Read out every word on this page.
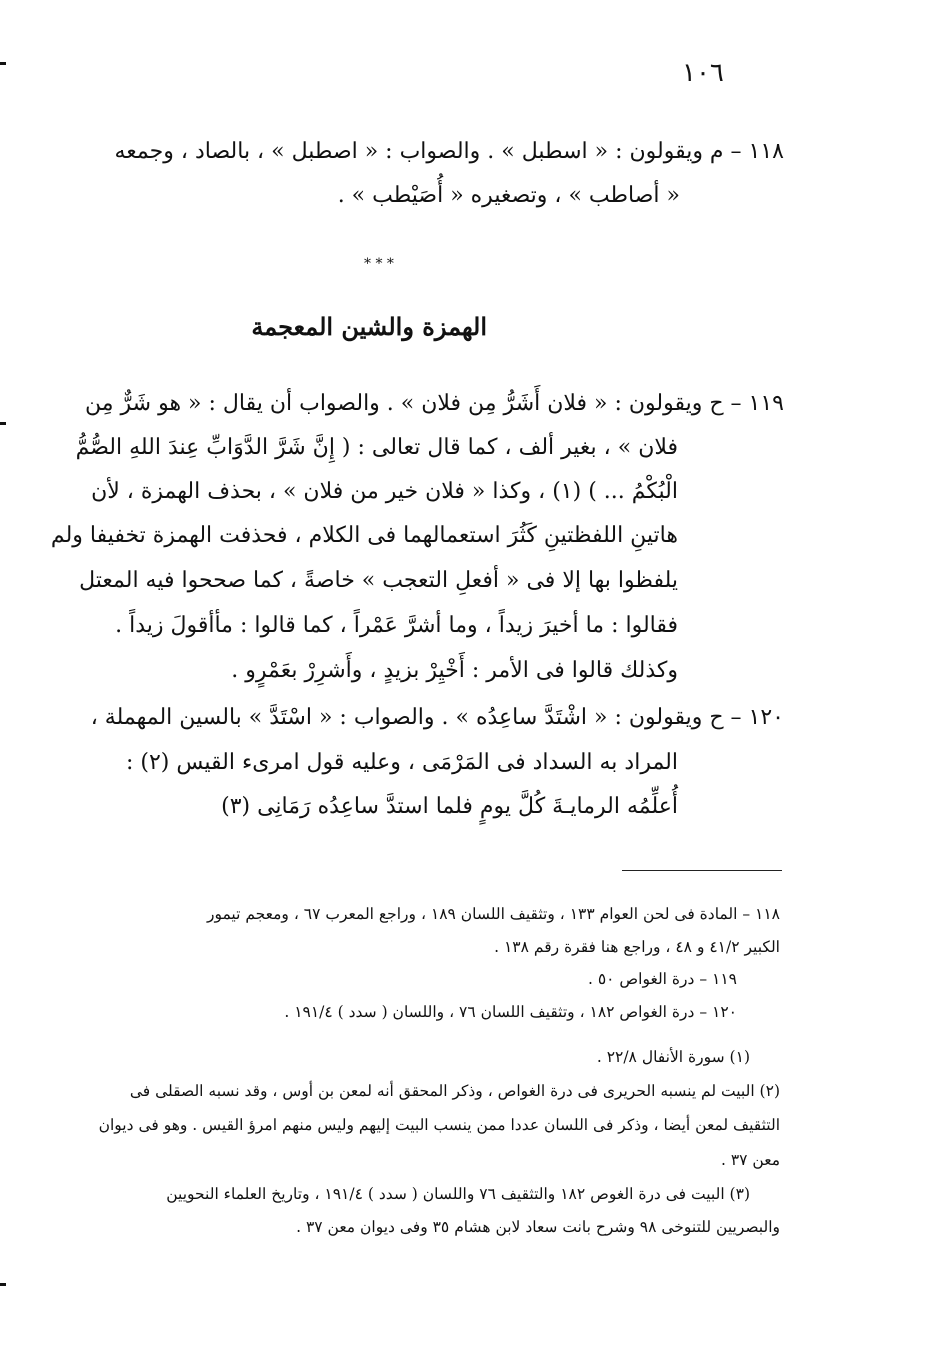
١٠٦
١١٨ – م ويقولون : « اسطبل » . والصواب : « اصطبل » ، بالصاد ، وجمعه
« أصاطب » ، وتصغيره « أُصَيْطب » .
* * *
الهمزة والشين المعجمة
١١٩ – ح ويقولون : « فلان أَشَرُّ مِن فلان » . والصواب أن يقال : « هو شَرٌّ مِن
فلان » ، بغير ألف ، كما قال تعالى : ( إِنَّ شَرَّ الدَّوَابِّ عِندَ اللهِ الصُّمُّ
الْبُكْمُ ... ) (١) ، وكذا « فلان خير من فلان » ، بحذف الهمزة ، لأن
هاتينِ اللفظتينِ كَثُرَ استعمالهما فى الكلام ، فحذفت الهمزة تخفيفا ولم
يلفظوا بها إلا فى « أفعلِ التعجب » خاصةً ، كما صححوا فيه المعتل
فقالوا : ما أخيرَ زيداً ، وما أشرَّ عَمْراً ، كما قالوا : مأأقولَ زيداً .
وكذلك قالوا فى الأمر : أَخْيِرْ بزيدٍ ، وأَشرِرْ بعَمْرٍو .
١٢٠ – ح ويقولون : « اشْتَدَّ ساعِدُه » . والصواب : « اسْتَدَّ » بالسين المهملة ،
المراد به السداد فى المَرْمَى ، وعليه قول امرىء القيس (٢) :
أُعلِّمُه الرمايـةَ كُلَّ يومٍ فلما استدَّ ساعِدُه رَمَانِى (٣)
١١٨ – المادة فى لحن العوام ١٣٣ ، وتثقيف اللسان ١٨٩ ، وراجع المعرب ٦٧ ، ومعجم تيمور
الكبير ٤١/٢ و ٤٨ ، وراجع هنا فقرة رقم ١٣٨ .
١١٩ – درة الغواص ٥٠ .
١٢٠ – درة الغواص ١٨٢ ، وتثقيف اللسان ٧٦ ، واللسان ( سدد ) ١٩١/٤ .
(١) سورة الأنفال ٢٢/٨ .
(٢) البيت لم ينسبه الحريرى فى درة الغواص ، وذكر المحقق أنه لمعن بن أوس ، وقد نسبه الصقلى فى
التثقيف لمعن أيضا ، وذكر فى اللسان عددا ممن ينسب البيت إليهم وليس منهم امرؤ القيس . وهو فى ديوان
معن ٣٧ .
(٣) البيت فى درة الغوص ١٨٢ والتثقيف ٧٦ واللسان ( سدد ) ١٩١/٤ ، وتاريخ العلماء النحويين
والبصريين للتنوخى ٩٨ وشرح بانت سعاد لابن هشام ٣٥ وفى ديوان معن ٣٧ .
